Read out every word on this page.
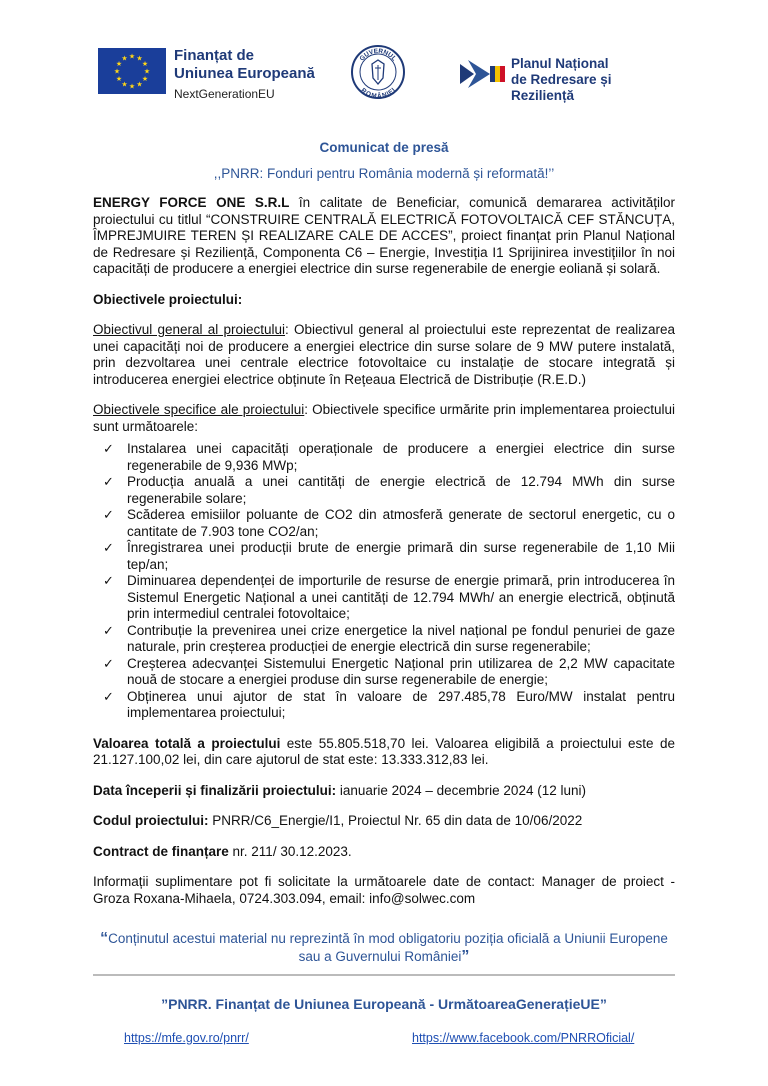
★ ★
★
★
★
★
★
★
★
★
★
★	Finanțat de
Uniunea Europeană
NextGenerationEU
GUVERNUL
ROMÂNIEI
Planul Național
de Redresare și Reziliență
Comunicat de presă
,,PNRR: Fonduri pentru România modernă și reformată!’’

ENERGY FORCE ONE S.R.L în calitate de Beneficiar, comunică demararea activităților proiectului cu titlul “CONSTRUIRE CENTRALĂ ELECTRICĂ FOTOVOLTAICĂ CEF STĂNCUȚA, ÎMPREJMUIRE TEREN ȘI REALIZARE CALE DE ACCES”, proiect finanțat prin Planul Național de Redresare și Reziliență, Componenta C6 – Energie, Investiția I1 Sprijinirea investițiilor în noi capacități de producere a energiei electrice din surse regenerabile de energie eoliană și solară.

Obiectivele proiectului:

Obiectivul general al proiectului: Obiectivul general al proiectului este reprezentat de realizarea unei capacități noi de producere a energiei electrice din surse solare de 9 MW putere instalată, prin dezvoltarea unei centrale electrice fotovoltaice cu instalație de stocare integrată și introducerea energiei electrice obținute în Rețeaua Electrică de Distribuție (R.E.D.)

Obiectivele specifice ale proiectului: Obiectivele specifice urmărite prin implementarea proiectului sunt următoarele:

✓ Instalarea unei capacități operaționale de producere a energiei electrice din surse regenerabile de 9,936 MWp;
✓ Producția anuală a unei cantități de energie electrică de 12.794 MWh din surse regenerabile solare;
✓ Scăderea emisiilor poluante de CO2 din atmosferă generate de sectorul energetic, cu o cantitate de 7.903 tone CO2/an;
✓ Înregistrarea unei producții brute de energie primară din surse regenerabile de 1,10 Mii tep/an;
✓ Diminuarea dependenței de importurile de resurse de energie primară, prin introducerea în Sistemul Energetic Național a unei cantități de 12.794 MWh/ an energie electrică, obținută prin intermediul centralei fotovoltaice;
✓ Contribuție la prevenirea unei crize energetice la nivel național pe fondul penuriei de gaze naturale, prin creșterea producției de energie electrică din surse regenerabile;
✓ Creșterea adecvanței Sistemului Energetic Național prin utilizarea de 2,2 MW capacitate nouă de stocare a energiei produse din surse regenerabile de energie;
✓ Obținerea unui ajutor de stat în valoare de 297.485,78 Euro/MW instalat pentru implementarea proiectului;

Valoarea totală a proiectului este 55.805.518,70 lei. Valoarea eligibilă a proiectului este de 21.127.100,02 lei, din care ajutorul de stat este: 13.333.312,83 lei.

Data începerii și finalizării proiectului: ianuarie 2024 – decembrie 2024 (12 luni)

Codul proiectului: PNRR/C6_Energie/I1, Proiectul Nr. 65 din data de 10/06/2022

Contract de finanțare nr. 211/ 30.12.2023.

Informații suplimentare pot fi solicitate la următoarele date de contact: Manager de proiect - Groza Roxana-Mihaela, 0724.303.094, email: info@solwec.com

“Conținutul acestui material nu reprezintă în mod obligatoriu poziția oficială a Uniunii Europene sau a Guvernului României”
”PNRR. Finanțat de Uniunea Europeană - UrmătoareaGenerațieUE”
https://mfe.gov.ro/pnrr/	https://www.facebook.com/PNRROficial/
